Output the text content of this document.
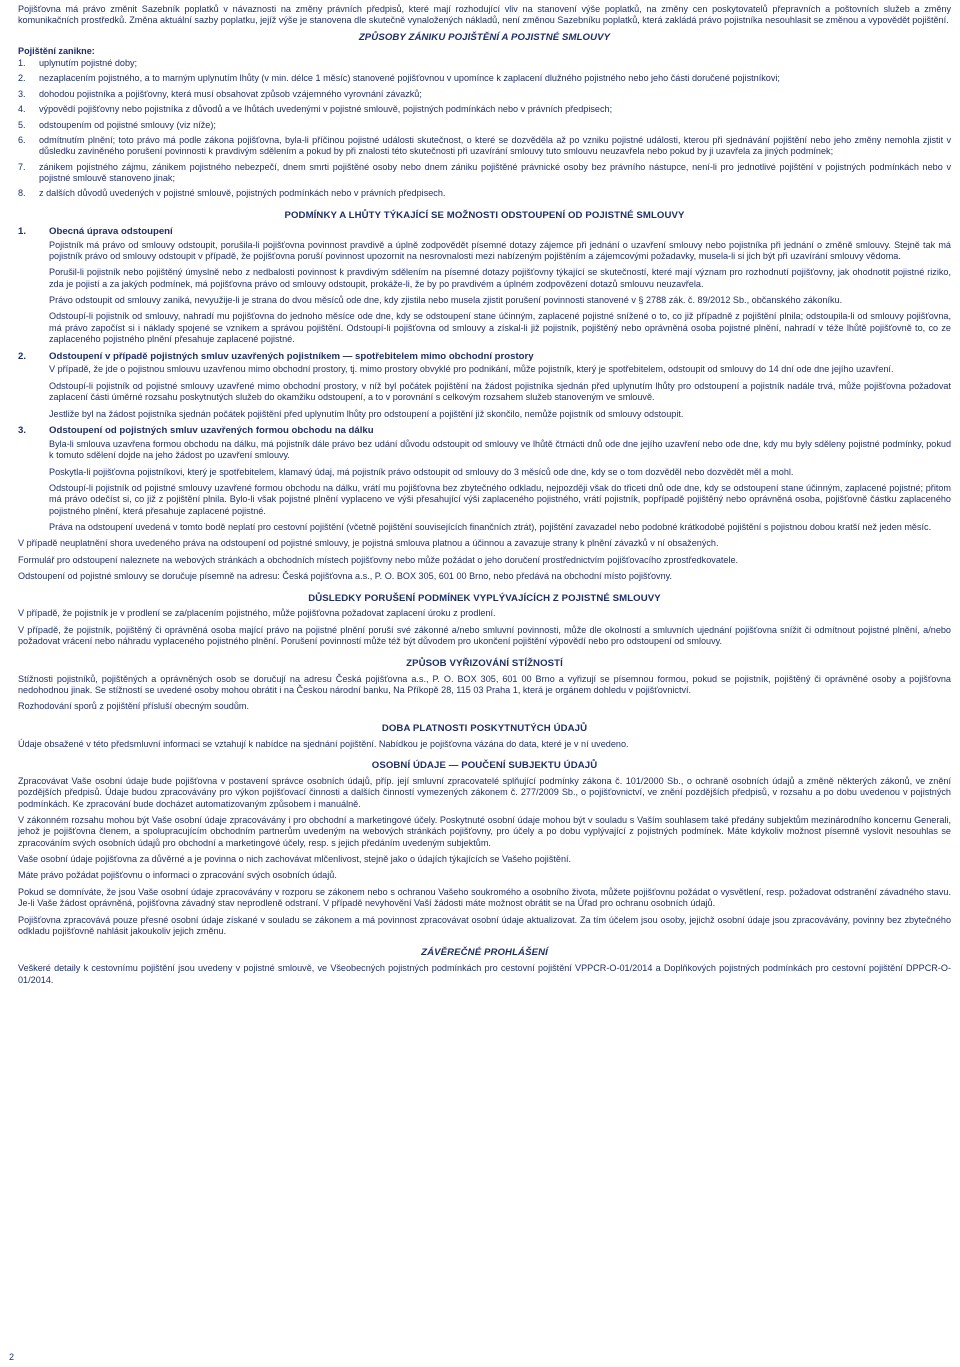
Pojišťovna má právo změnit Sazebník poplatků v návaznosti na změny právních předpisů, které mají rozhodující vliv na stanovení výše poplatků, na změny cen poskytovatelů přepravních a poštovních služeb a změny komunikačních prostředků. Změna aktuální sazby poplatku, jejíž výše je stanovena dle skutečně vynaložených nákladů, není změnou Sazebníku poplatků, která zakládá právo pojistníka nesouhlasit se změnou a vypovědět pojištění.

ZPŮSOBY ZÁNIKU POJIŠTĚNÍ A POJISTNÉ SMLOUVY
Pojištění zanikne:
1.	uplynutím pojistné doby;
2.	nezaplacením pojistného, a to marným uplynutím lhůty (v min. délce 1 měsíc) stanovené pojišťovnou v upomínce k zaplacení dlužného pojistného nebo jeho části doručené pojistníkovi;
3.	dohodou pojistníka a pojišťovny, která musí obsahovat způsob vzájemného vyrovnání závazků;
4.	výpovědí pojišťovny nebo pojistníka z důvodů a ve lhůtách uvedenými v pojistné smlouvě, pojistných podmínkách nebo v právních předpisech;
5.	odstoupením od pojistné smlouvy (viz níže);
6.	odmítnutím plnění; toto právo má podle zákona pojišťovna, byla-li příčinou pojistné události skutečnost, o které se dozvěděla až po vzniku pojistné události, kterou při sjednávání pojištění nebo jeho změny nemohla zjistit v důsledku zaviněného porušení povinnosti k pravdivým sdělením a pokud by při znalosti této skutečnosti při uzavírání smlouvy tuto smlouvu neuzavřela nebo pokud by ji uzavřela za jiných podmínek;
7.	zánikem pojistného zájmu, zánikem pojistného nebezpečí, dnem smrti pojištěné osoby nebo dnem zániku pojištěné právnické osoby bez právního nástupce, není-li pro jednotlivé pojištění v pojistných podmínkách nebo v pojistné smlouvě stanoveno jinak;
8.	z dalších důvodů uvedených v pojistné smlouvě, pojistných podmínkách nebo v právních předpisech.
PODMÍNKY A LHŮTY TÝKAJÍCÍ SE MOŽNOSTI ODSTOUPENÍ OD POJISTNÉ SMLOUVY
1.	Obecná úprava odstoupení

Pojistník má právo od smlouvy odstoupit, porušila-li pojišťovna povinnost pravdivě a úplně zodpovědět písemné dotazy zájemce při jednání o uzavření smlouvy nebo pojistníka při jednání o změně smlouvy. Stejně tak má pojistník právo od smlouvy odstoupit v případě, že pojišťovna poruší povinnost upozornit na nesrovnalosti mezi nabízeným pojištěním a zájemcovými požadavky, musela-li si jich být při uzavírání smlouvy vědoma.

Porušil-li pojistník nebo pojištěný úmyslně nebo z nedbalosti povinnost k pravdivým sdělením na písemné dotazy pojišťovny týkající se skutečností, které mají význam pro rozhodnutí pojišťovny, jak ohodnotit pojistné riziko, zda je pojistí a za jakých podmínek, má pojišťovna právo od smlouvy odstoupit, prokáže-li, že by po pravdivém a úplném zodpovězení dotazů smlouvu neuzavřela.

Právo odstoupit od smlouvy zaniká, nevyužije-li je strana do dvou měsíců ode dne, kdy zjistila nebo musela zjistit porušení povinnosti stanovené v § 2788 zák. č. 89/2012 Sb., občanského zákoníku.

Odstoupí-li pojistník od smlouvy, nahradí mu pojišťovna do jednoho měsíce ode dne, kdy se odstoupení stane účinným, zaplacené pojistné snížené o to, co již případně z pojištění plnila; odstoupila-li od smlouvy pojišťovna, má právo započíst si i náklady spojené se vznikem a správou pojištění. Odstoupí-li pojišťovna od smlouvy a získal-li již pojistník, pojištěný nebo oprávněná osoba pojistné plnění, nahradí v téže lhůtě pojišťovně to, co ze zaplaceného pojistného plnění přesahuje zaplacené pojistné.

2.	Odstoupení v případě pojistných smluv uzavřených pojistníkem — spotřebitelem mimo obchodní prostory

V případě, že jde o pojistnou smlouvu uzavřenou mimo obchodní prostory, tj. mimo prostory obvyklé pro podnikání, může pojistník, který je spotřebitelem, odstoupit od smlouvy do 14 dní ode dne jejího uzavření.

Odstoupí-li pojistník od pojistné smlouvy uzavřené mimo obchodní prostory, v níž byl počátek pojištění na žádost pojistníka sjednán před uplynutím lhůty pro odstoupení a pojistník nadále trvá, může pojišťovna požadovat zaplacení části úměrné rozsahu poskytnutých služeb do okamžiku odstoupení, a to v porovnání s celkovým rozsahem služeb stanoveným ve smlouvě.

Jestliže byl na žádost pojistníka sjednán počátek pojištění před uplynutím lhůty pro odstoupení a pojištění již skončilo, nemůže pojistník od smlouvy odstoupit.

3.	Odstoupení od pojistných smluv uzavřených formou obchodu na dálku

Byla-li smlouva uzavřena formou obchodu na dálku, má pojistník dále právo bez udání důvodu odstoupit od smlouvy ve lhůtě čtrnácti dnů ode dne jejího uzavření nebo ode dne, kdy mu byly sděleny pojistné podmínky, pokud k tomuto sdělení dojde na jeho žádost po uzavření smlouvy.

Poskytla-li pojišťovna pojistníkovi, který je spotřebitelem, klamavý údaj, má pojistník právo odstoupit od smlouvy do 3 měsíců ode dne, kdy se o tom dozvěděl nebo dozvědět měl a mohl.

Odstoupí-li pojistník od pojistné smlouvy uzavřené formou obchodu na dálku, vrátí mu pojišťovna bez zbytečného odkladu, nejpozději však do třiceti dnů ode dne, kdy se odstoupení stane účinným, zaplacené pojistné; přitom má právo odečíst si, co již z pojištění plnila. Bylo-li však pojistné plnění vyplaceno ve výši přesahující výši zaplaceného pojistného, vrátí pojistník, popřípadě pojištěný nebo oprávněná osoba, pojišťovně částku zaplaceného pojistného plnění, která přesahuje zaplacené pojistné.

Práva na odstoupení uvedená v tomto bodě neplatí pro cestovní pojištění (včetně pojištění souvisejících finančních ztrát), pojištění zavazadel nebo podobné krátkodobé pojištění s pojistnou dobou kratší než jeden měsíc.

V případě neuplatnění shora uvedeného práva na odstoupení od pojistné smlouvy, je pojistná smlouva platnou a účinnou a zavazuje strany k plnění závazků v ní obsažených.

Formulář pro odstoupení naleznete na webových stránkách a obchodních místech pojišťovny nebo může požádat o jeho doručení prostřednictvím pojišťovacího zprostředkovatele.

Odstoupení od pojistné smlouvy se doručuje písemně na adresu: Česká pojišťovna a.s., P. O. BOX 305, 601 00 Brno, nebo předává na obchodní místo pojišťovny.

DŮSLEDKY PORUŠENÍ PODMÍNEK VYPLÝVAJÍCÍCH Z POJISTNÉ SMLOUVY

V případě, že pojistník je v prodlení se za/placením pojistného, může pojišťovna požadovat zaplacení úroku z prodlení.

V případě, že pojistník, pojištěný či oprávněná osoba mající právo na pojistné plnění poruší své zákonné a/nebo smluvní povinnosti, může dle okolností a smluvních ujednání pojišťovna snížit či odmítnout pojistné plnění, a/nebo požadovat vrácení nebo náhradu vyplaceného pojistného plnění. Porušení povinností může též být důvodem pro ukončení pojištění výpovědí nebo pro odstoupení od smlouvy.

ZPŮSOB VYŘIZOVÁNÍ STÍŽNOSTÍ

Stížnosti pojistníků, pojištěných a oprávněných osob se doručují na adresu Česká pojišťovna a.s., P. O. BOX 305, 601 00 Brno a vyřizují se písemnou formou, pokud se pojistník, pojištěný či oprávněné osoby a pojišťovna nedohodnou jinak. Se stížností se uvedené osoby mohou obrátit i na Českou národní banku, Na Příkopě 28, 115 03 Praha 1, která je orgánem dohledu v pojišťovnictví.

Rozhodování sporů z pojištění přísluší obecným soudům.

DOBA PLATNOSTI POSKYTNUTÝCH ÚDAJŮ

Údaje obsažené v této předsmluvní informaci se vztahují k nabídce na sjednání pojištění. Nabídkou je pojišťovna vázána do data, které je v ní uvedeno.

OSOBNÍ ÚDAJE — POUČENÍ SUBJEKTU ÚDAJŮ

Zpracovávat Vaše osobní údaje bude pojišťovna v postavení správce osobních údajů, příp. její smluvní zpracovatelé splňující podmínky zákona č. 101/2000 Sb., o ochraně osobních údajů a změně některých zákonů, ve znění pozdějších předpisů. Údaje budou zpracovávány pro výkon pojišťovací činnosti a dalších činností vymezených zákonem č. 277/2009 Sb., o pojišťovnictví, ve znění pozdějších předpisů, v rozsahu a po dobu uvedenou v pojistných podmínkách. Ke zpracování bude docházet automatizovaným způsobem i manuálně.

V zákonném rozsahu mohou být Vaše osobní údaje zpracovávány i pro obchodní a marketingové účely. Poskytnuté osobní údaje mohou být v souladu s Vaším souhlasem také předány subjektům mezinárodního koncernu Generali, jehož je pojišťovna členem, a spolupracujícím obchodním partnerům uvedeným na webových stránkách pojišťovny, pro účely a po dobu vyplývající z pojistných podmínek. Máte kdykoliv možnost písemně vyslovit nesouhlas se zpracováním svých osobních údajů pro obchodní a marketingové účely, resp. s jejich předáním uvedeným subjektům.

Vaše osobní údaje pojišťovna za důvěrné a je povinna o nich zachovávat mlčenlivost, stejně jako o údajích týkajících se Vašeho pojištění.

Máte právo požádat pojišťovnu o informaci o zpracování svých osobních údajů.

Pokud se domníváte, že jsou Vaše osobní údaje zpracovávány v rozporu se zákonem nebo s ochranou Vašeho soukromého a osobního života, můžete pojišťovnu požádat o vysvětlení, resp. požadovat odstranění závadného stavu. Je-li Vaše žádost oprávněná, pojišťovna závadný stav neprodleně odstraní. V případě nevyhovění Vaší žádosti máte možnost obrátit se na Úřad pro ochranu osobních údajů.

Pojišťovna zpracovává pouze přesné osobní údaje získané v souladu se zákonem a má povinnost zpracovávat osobní údaje aktualizovat. Za tím účelem jsou osoby, jejichž osobní údaje jsou zpracovávány, povinny bez zbytečného odkladu pojišťovně nahlásit jakoukoliv jejich změnu.

ZÁVĚREČNÉ PROHLÁŠENÍ

Veškeré detaily k cestovnímu pojištění jsou uvedeny v pojistné smlouvě, ve Všeobecných pojistných podmínkách pro cestovní pojištění VPPCR-O-01/2014 a Doplňkových pojistných podmínkách pro cestovní pojištění DPPCR-O-01/2014.

2
